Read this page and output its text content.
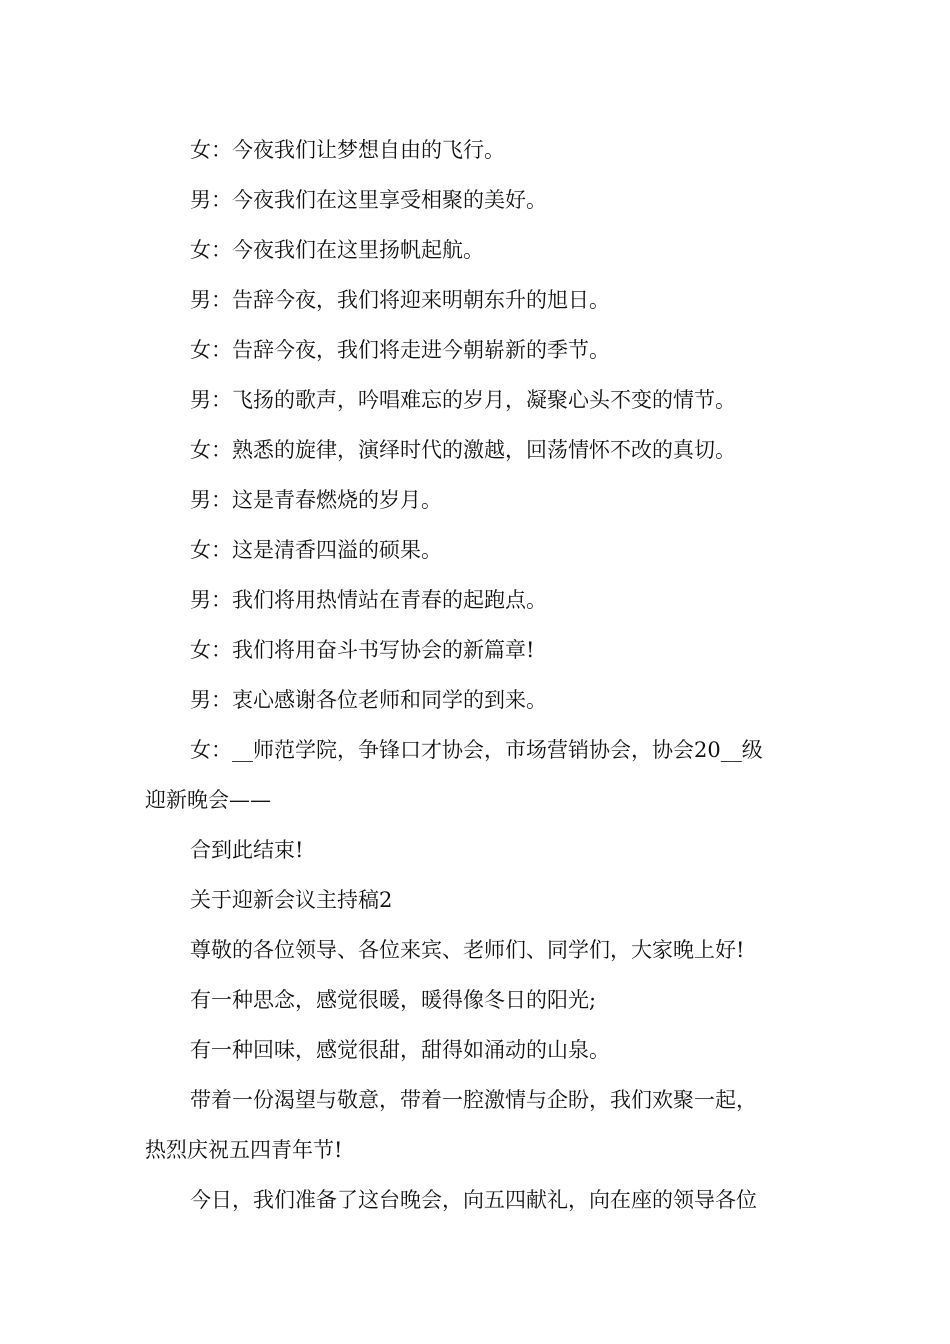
女：今夜我们让梦想自由的飞行。

男：今夜我们在这里享受相聚的美好。

女：今夜我们在这里扬帆起航。

男：告辞今夜，我们将迎来明朝东升的旭日。

女：告辞今夜，我们将走进今朝崭新的季节。

男：飞扬的歌声，吟唱难忘的岁月，凝聚心头不变的情节。

女：熟悉的旋律，演绎时代的激越，回荡情怀不改的真切。

男：这是青春燃烧的岁月。

女：这是清香四溢的硕果。

男：我们将用热情站在青春的起跑点。

女：我们将用奋斗书写协会的新篇章!

男：衷心感谢各位老师和同学的到来。

女：__师范学院，争锋口才协会，市场营销协会，协会20__级

迎新晚会——

合到此结束!

关于迎新会议主持稿2

尊敬的各位领导、各位来宾、老师们、同学们，大家晚上好!

有一种思念，感觉很暖，暖得像冬日的阳光;

有一种回味，感觉很甜，甜得如涌动的山泉。

带着一份渴望与敬意，带着一腔激情与企盼，我们欢聚一起，

热烈庆祝五四青年节!

今日，我们准备了这台晚会，向五四献礼，向在座的领导各位
